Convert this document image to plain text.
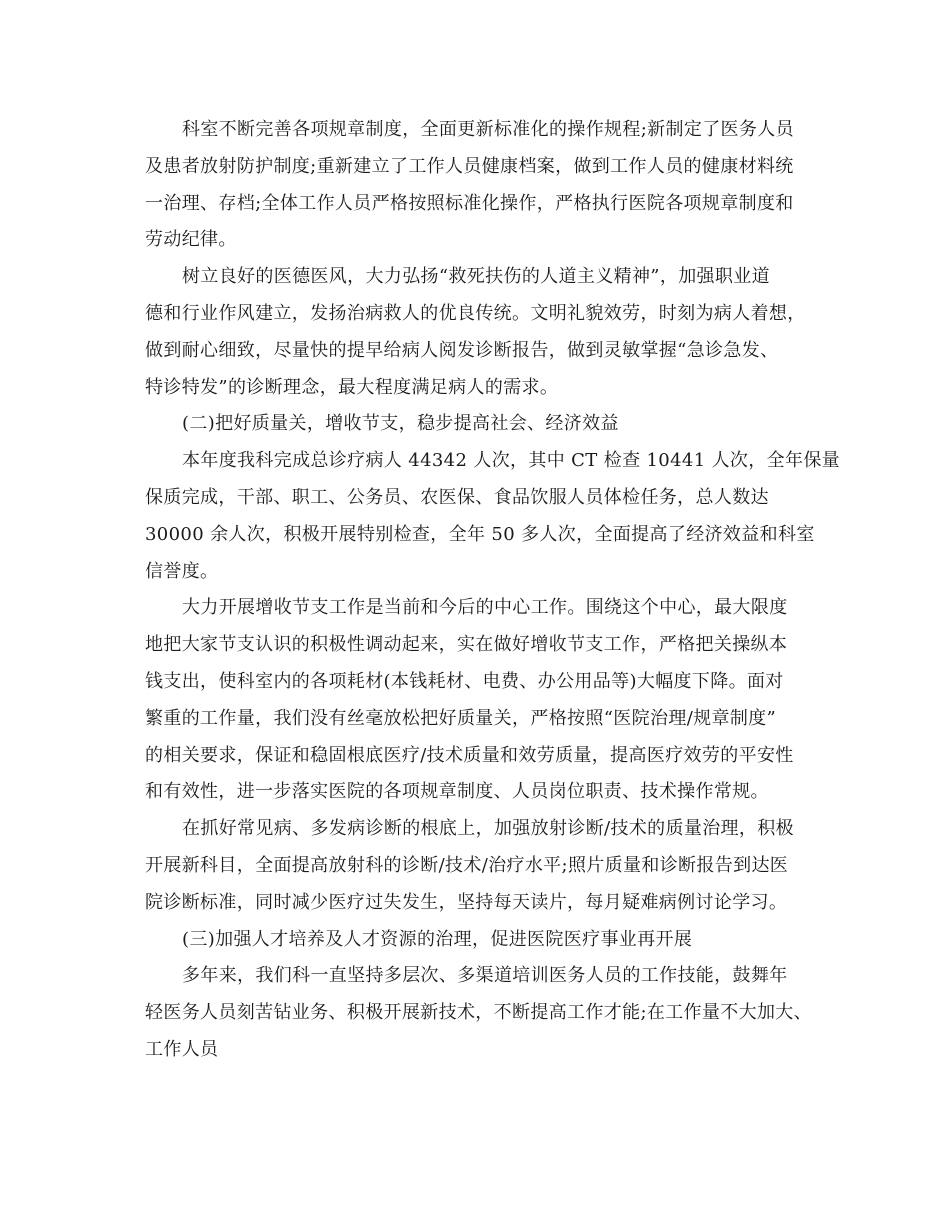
科室不断完善各项规章制度，全面更新标准化的操作规程;新制定了医务人员
及患者放射防护制度;重新建立了工作人员健康档案，做到工作人员的健康材料统
一治理、存档;全体工作人员严格按照标准化操作，严格执行医院各项规章制度和
劳动纪律。
树立良好的医德医风，大力弘扬“救死扶伤的人道主义精神”，加强职业道
德和行业作风建立，发扬治病救人的优良传统。文明礼貌效劳，时刻为病人着想，
做到耐心细致，尽量快的提早给病人阅发诊断报告，做到灵敏掌握“急诊急发、
特诊特发”的诊断理念，最大程度满足病人的需求。
(二)把好质量关，增收节支，稳步提高社会、经济效益
本年度我科完成总诊疗病人 44342 人次，其中 CT 检查 10441 人次，全年保量
保质完成，干部、职工、公务员、农医保、食品饮服人员体检任务，总人数达
30000 余人次，积极开展特别检查，全年 50 多人次，全面提高了经济效益和科室
信誉度。
大力开展增收节支工作是当前和今后的中心工作。围绕这个中心，最大限度
地把大家节支认识的积极性调动起来，实在做好增收节支工作，严格把关操纵本
钱支出，使科室内的各项耗材(本钱耗材、电费、办公用品等)大幅度下降。面对
繁重的工作量，我们没有丝毫放松把好质量关，严格按照“医院治理/规章制度”
的相关要求，保证和稳固根底医疗/技术质量和效劳质量，提高医疗效劳的平安性
和有效性，进一步落实医院的各项规章制度、人员岗位职责、技术操作常规。
在抓好常见病、多发病诊断的根底上，加强放射诊断/技术的质量治理，积极
开展新科目，全面提高放射科的诊断/技术/治疗水平;照片质量和诊断报告到达医
院诊断标准，同时减少医疗过失发生，坚持每天读片，每月疑难病例讨论学习。
(三)加强人才培养及人才资源的治理，促进医院医疗事业再开展
多年来，我们科一直坚持多层次、多渠道培训医务人员的工作技能，鼓舞年
轻医务人员刻苦钻业务、积极开展新技术，不断提高工作才能;在工作量不大加大、
工作人员
